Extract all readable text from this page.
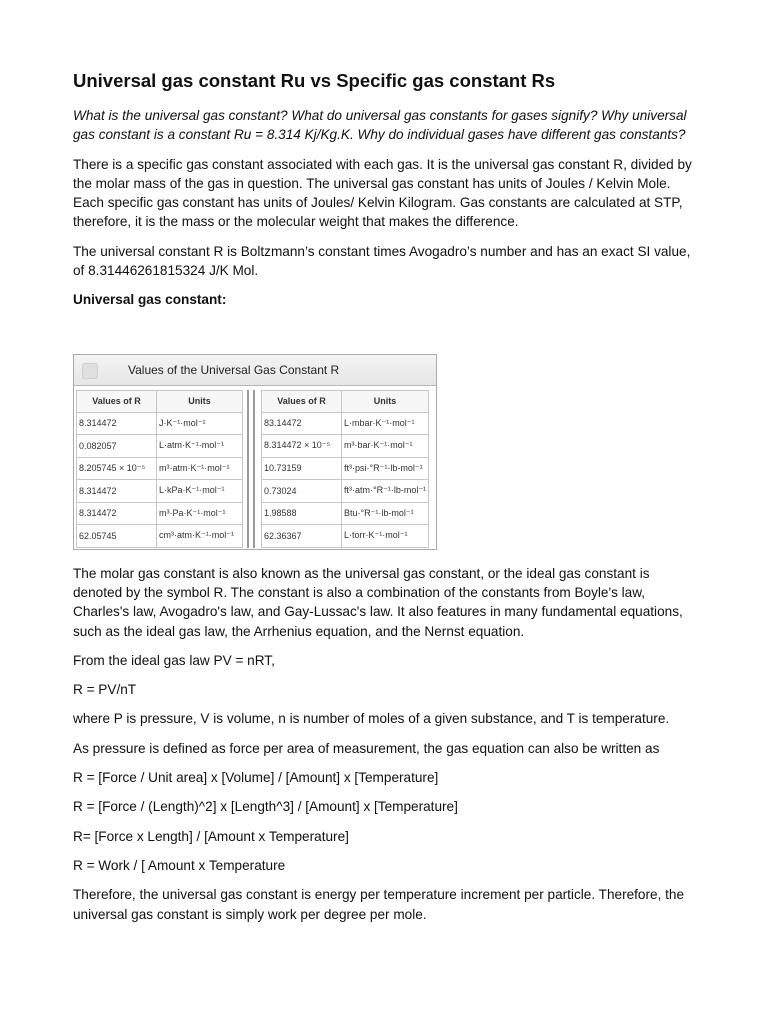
Universal gas constant Ru vs Specific gas constant Rs

What is the universal gas constant? What do universal gas constants for gases signify? Why universal gas constant is a constant Ru = 8.314 Kj/Kg.K. Why do individual gases have different gas constants?

There is a specific gas constant associated with each gas. It is the universal gas constant R, divided by the molar mass of the gas in question. The universal gas constant has units of Joules / Kelvin Mole. Each specific gas constant has units of Joules/ Kelvin Kilogram. Gas constants are calculated at STP, therefore, it is the mass or the molecular weight that makes the difference.

The universal constant R is Boltzmann’s constant times Avogadro’s number and has an exact SI value, of 8.31446261815324 J/K Mol.

Universal gas constant:

Values of the Universal Gas Constant R
Values of R	Units
8.314472	J·K⁻¹·mol⁻¹
0.082057	L·atm·K⁻¹·mol⁻¹
8.205745 × 10⁻⁵	m³·atm·K⁻¹·mol⁻¹
8.314472	L·kPa·K⁻¹·mol⁻¹
8.314472	m³·Pa·K⁻¹·mol⁻¹
62.05745	cm³·atm·K⁻¹·mol⁻¹
Values of R	Units
83.14472	L·mbar·K⁻¹·mol⁻¹
8.314472 × 10⁻⁵	m³·bar·K⁻¹·mol⁻¹
10.73159	ft³·psi·°R⁻¹·lb-mol⁻¹
0.73024	ft³·atm·°R⁻¹·lb-mol⁻¹
1.98588	Btu·°R⁻¹·lb-mol⁻¹
62.36367	L·torr·K⁻¹·mol⁻¹

The molar gas constant is also known as the universal gas constant, or the ideal gas constant is denoted by the symbol R. The constant is also a combination of the constants from Boyle's law, Charles's law, Avogadro's law, and Gay-Lussac's law. It also features in many fundamental equations, such as the ideal gas law, the Arrhenius equation, and the Nernst equation.

From the ideal gas law PV = nRT,

R = PV/nT

where P is pressure, V is volume, n is number of moles of a given substance, and T is temperature.

As pressure is defined as force per area of measurement, the gas equation can also be written as

R = [Force / Unit area] x [Volume] / [Amount] x [Temperature]

R = [Force / (Length)^2] x [Length^3] / [Amount] x [Temperature]

R= [Force x Length] / [Amount x Temperature]

R = Work / [ Amount x Temperature

Therefore, the universal gas constant is energy per temperature increment per particle. Therefore, the universal gas constant is simply work per degree per mole.
